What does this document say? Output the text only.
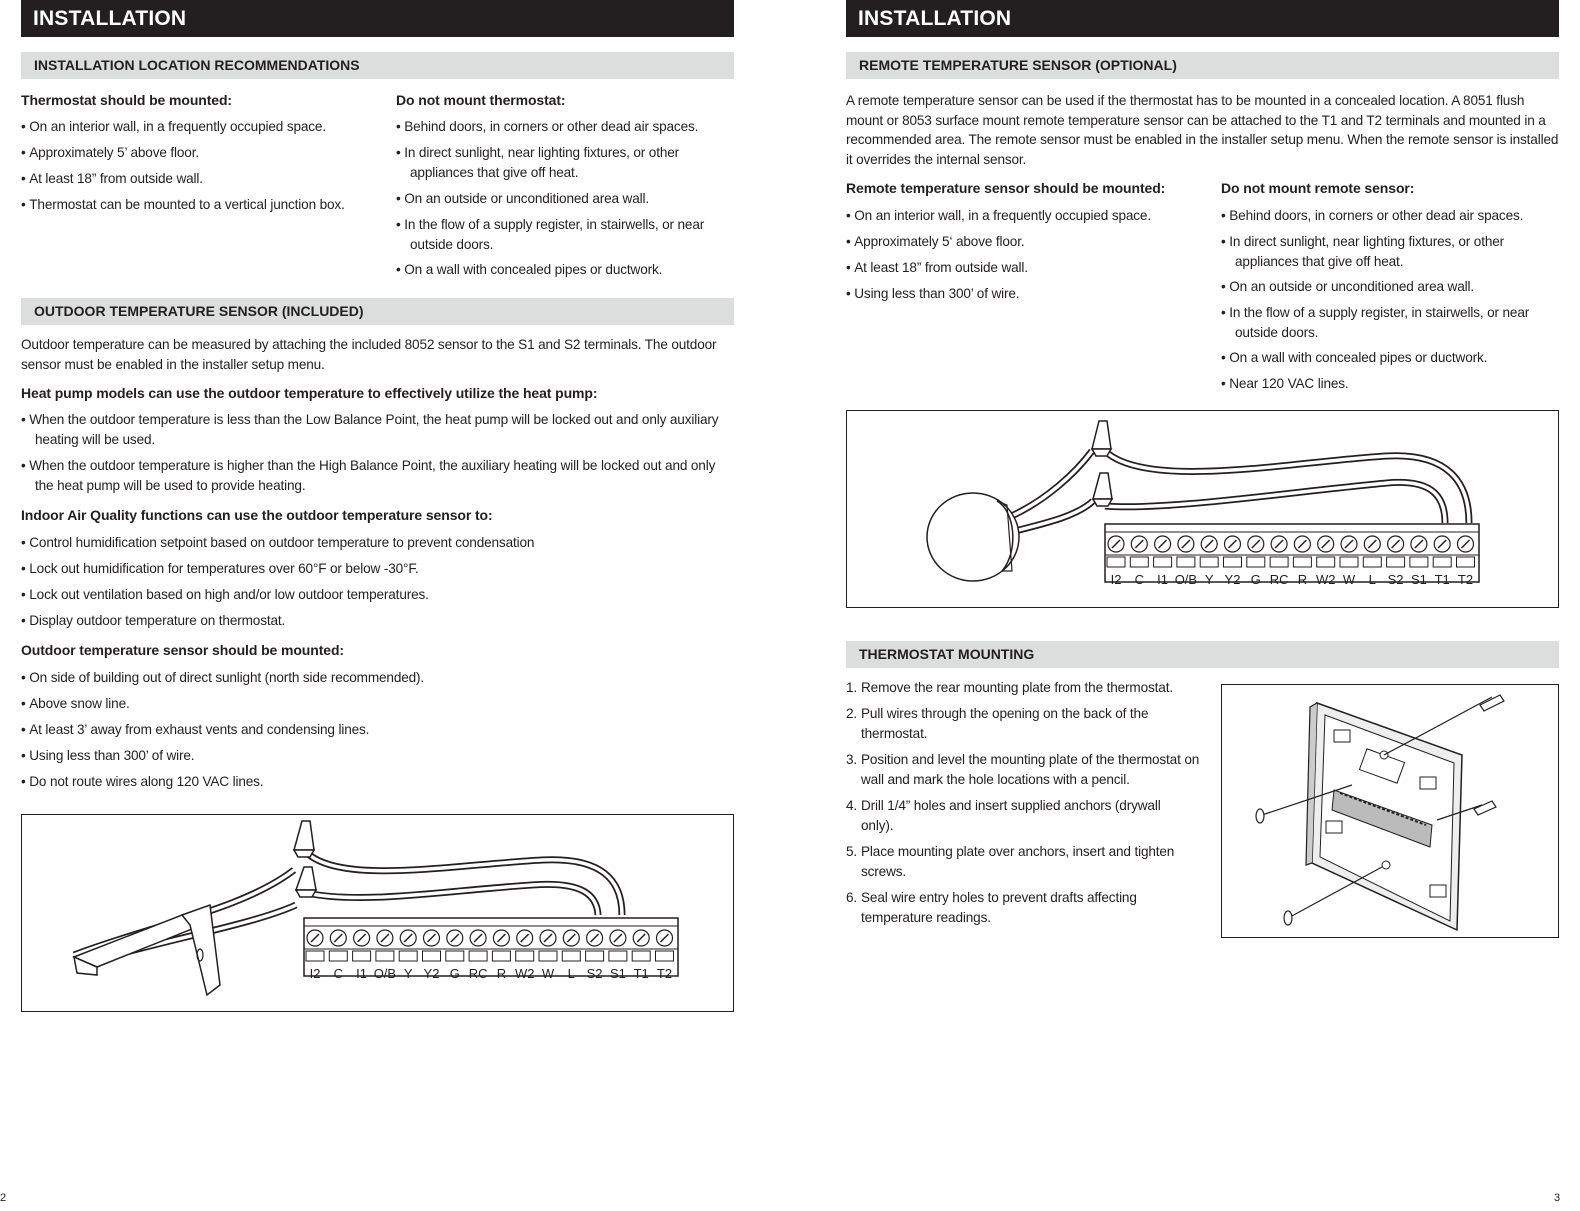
INSTALLATION
INSTALLATION LOCATION RECOMMENDATIONS
Thermostat should be mounted:
• On an interior wall, in a frequently occupied space.
• Approximately 5’ above floor.
• At least 18” from outside wall.
• Thermostat can be mounted to a vertical junction box.
Do not mount thermostat:
• Behind doors, in corners or other dead air spaces.
• In direct sunlight, near lighting fixtures, or other appliances that give off heat.
• On an outside or unconditioned area wall.
• In the flow of a supply register, in stairwells, or near outside doors.
• On a wall with concealed pipes or ductwork.
OUTDOOR TEMPERATURE SENSOR (INCLUDED)
Outdoor temperature can be measured by attaching the included 8052 sensor to the S1 and S2 terminals. The outdoor sensor must be enabled in the installer setup menu.
Heat pump models can use the outdoor temperature to effectively utilize the heat pump:
• When the outdoor temperature is less than the Low Balance Point, the heat pump will be locked out and only auxiliary heating will be used.
• When the outdoor temperature is higher than the High Balance Point, the auxiliary heating will be locked out and only the heat pump will be used to provide heating.
Indoor Air Quality functions can use the outdoor temperature sensor to:
• Control humidification setpoint based on outdoor temperature to prevent condensation
• Lock out humidification for temperatures over 60°F or below -30°F.
• Lock out ventilation based on high and/or low outdoor temperatures.
• Display outdoor temperature on thermostat.
Outdoor temperature sensor should be mounted:
• On side of building out of direct sunlight (north side recommended).
• Above snow line.
• At least 3’ away from exhaust vents and condensing lines.
• Using less than 300’ of wire.
• Do not route wires along 120 VAC lines.
I2 C I1 O/B Y Y2 G RC R W2 W L S2 S1 T1 T2
2
INSTALLATION
REMOTE TEMPERATURE SENSOR (OPTIONAL)
A remote temperature sensor can be used if the thermostat has to be mounted in a concealed location. A 8051 flush mount or 8053 surface mount remote temperature sensor can be attached to the T1 and T2 terminals and mounted in a recommended area. The remote sensor must be enabled in the installer setup menu. When the remote sensor is installed it overrides the internal sensor.
Remote temperature sensor should be mounted:
• On an interior wall, in a frequently occupied space.
• Approximately 5‘ above floor.
• At least 18” from outside wall.
• Using less than 300’ of wire.
Do not mount remote sensor:
• Behind doors, in corners or other dead air spaces.
• In direct sunlight, near lighting fixtures, or other appliances that give off heat.
• On an outside or unconditioned area wall.
• In the flow of a supply register, in stairwells, or near outside doors.
• On a wall with concealed pipes or ductwork.
• Near 120 VAC lines.
I2 C I1 O/B Y Y2 G RC R W2 W L S2 S1 T1 T2
THERMOSTAT MOUNTING
1. Remove the rear mounting plate from the thermostat.
2. Pull wires through the opening on the back of the thermostat.
3. Position and level the mounting plate of the thermostat on wall and mark the hole locations with a pencil.
4. Drill 1/4” holes and insert supplied anchors (drywall only).
5. Place mounting plate over anchors, insert and tighten screws.
6. Seal wire entry holes to prevent drafts affecting temperature readings.
3
